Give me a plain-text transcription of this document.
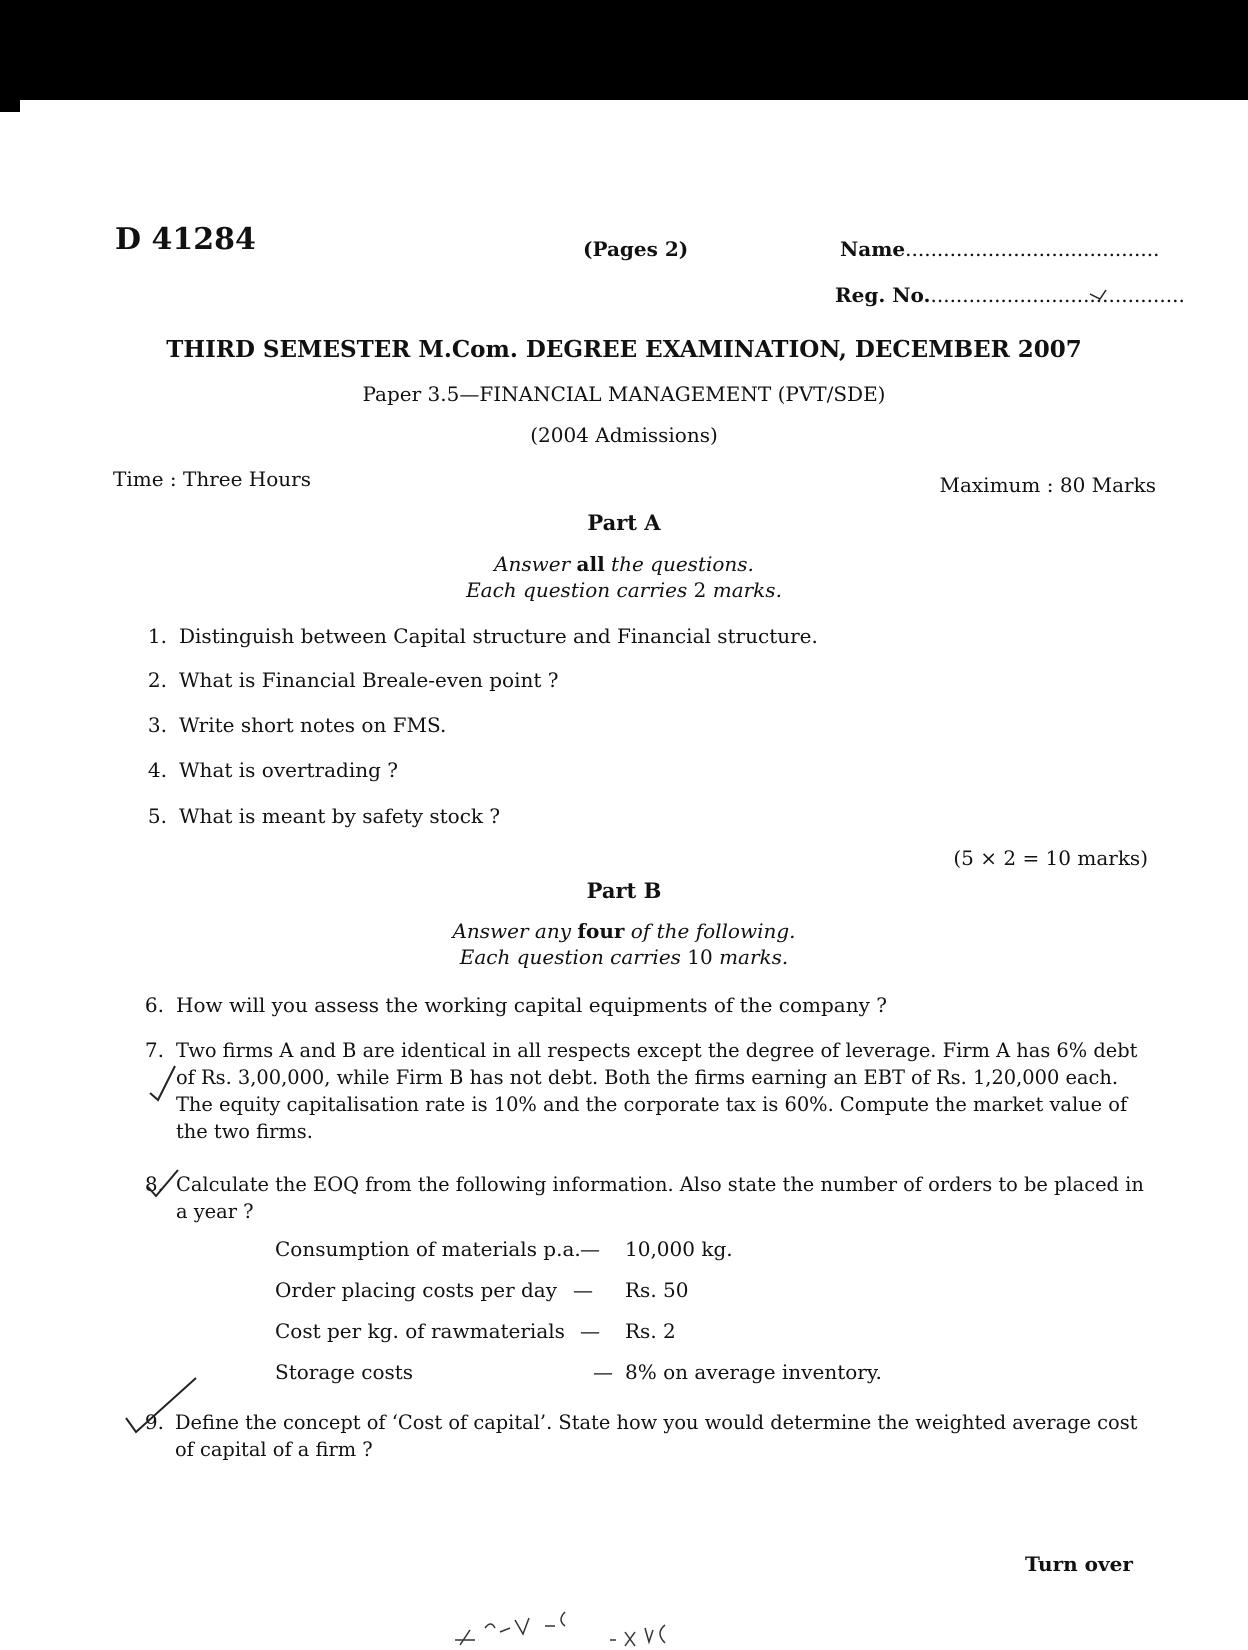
D 41284	(Pages 2)	Name........................................
Reg. No.........................................
THIRD SEMESTER M.Com. DEGREE EXAMINATION, DECEMBER 2007
Paper 3.5—FINANCIAL MANAGEMENT (PVT/SDE)
(2004 Admissions)
Time : Three Hours	Maximum : 80 Marks
Part A
Answer all the questions.
Each question carries 2 marks.
1. Distinguish between Capital structure and Financial structure.
2. What is Financial Breale-even point ?
3. Write short notes on FMS.
4. What is overtrading ?
5. What is meant by safety stock ?
(5 × 2 = 10 marks)
Part B
Answer any four of the following.
Each question carries 10 marks.
6. How will you assess the working capital equipments of the company ?
7. Two firms A and B are identical in all respects except the degree of leverage. Firm A has 6% debt
of Rs. 3,00,000, while Firm B has not debt. Both the firms earning an EBT of Rs. 1,20,000 each.
The equity capitalisation rate is 10% and the corporate tax is 60%. Compute the market value of
the two firms.
8. Calculate the EOQ from the following information. Also state the number of orders to be placed in
a year ?
Consumption of materials p.a. — 10,000 kg.
Order placing costs per day — Rs. 50
Cost per kg. of rawmaterials — Rs. 2
Storage costs	— 8% on average inventory.
9. Define the concept of ‘Cost of capital’. State how you would determine the weighted average cost
of capital of a firm ?
Turn over
